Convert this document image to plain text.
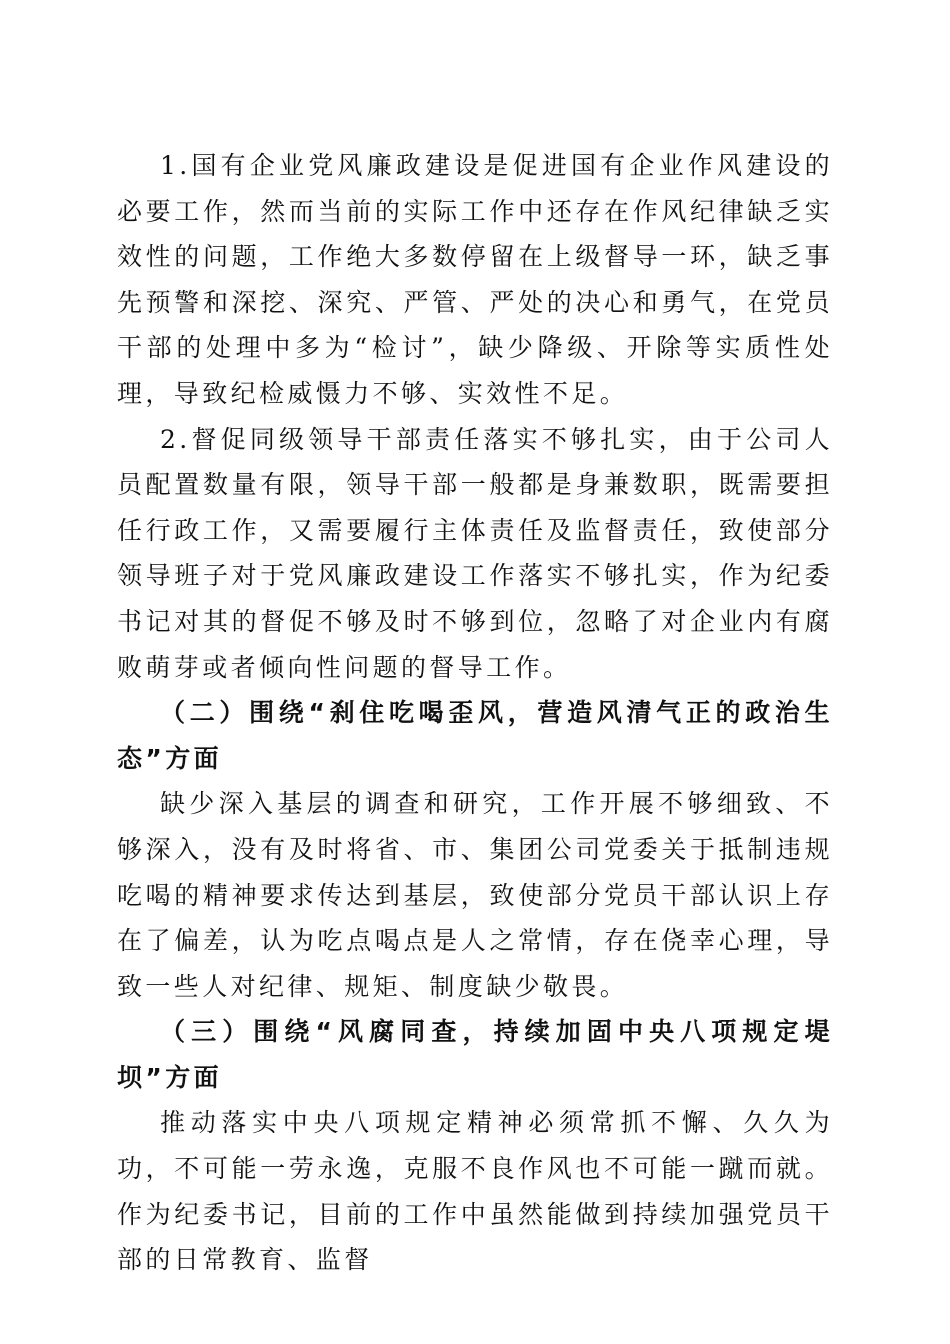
1.国有企业党风廉政建设是促进国有企业作风建设的必要工作，然而当前的实际工作中还存在作风纪律缺乏实效性的问题，工作绝大多数停留在上级督导一环，缺乏事先预警和深挖、深究、严管、严处的决心和勇气，在党员干部的处理中多为“检讨”，缺少降级、开除等实质性处理，导致纪检威慑力不够、实效性不足。

2.督促同级领导干部责任落实不够扎实，由于公司人员配置数量有限，领导干部一般都是身兼数职，既需要担任行政工作，又需要履行主体责任及监督责任，致使部分领导班子对于党风廉政建设工作落实不够扎实，作为纪委书记对其的督促不够及时不够到位，忽略了对企业内有腐败萌芽或者倾向性问题的督导工作。

（二）围绕“刹住吃喝歪风，营造风清气正的政治生态”方面

缺少深入基层的调查和研究，工作开展不够细致、不够深入，没有及时将省、市、集团公司党委关于抵制违规吃喝的精神要求传达到基层，致使部分党员干部认识上存在了偏差，认为吃点喝点是人之常情，存在侥幸心理，导致一些人对纪律、规矩、制度缺少敬畏。

（三）围绕“风腐同查，持续加固中央八项规定堤坝”方面

推动落实中央八项规定精神必须常抓不懈、久久为功，不可能一劳永逸，克服不良作风也不可能一蹴而就。作为纪委书记，目前的工作中虽然能做到持续加强党员干部的日常教育、监督
